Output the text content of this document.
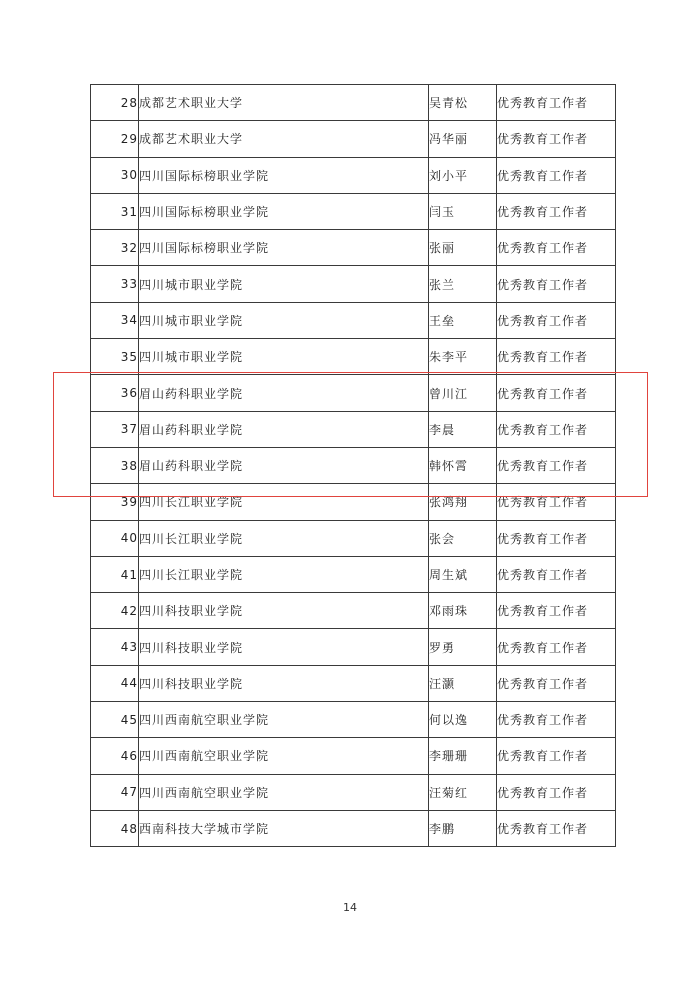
28	成都艺术职业大学	吴青松	优秀教育工作者
29	成都艺术职业大学	冯华丽	优秀教育工作者
30	四川国际标榜职业学院	刘小平	优秀教育工作者
31	四川国际标榜职业学院	闫玉	优秀教育工作者
32	四川国际标榜职业学院	张丽	优秀教育工作者
33	四川城市职业学院	张兰	优秀教育工作者
34	四川城市职业学院	王垒	优秀教育工作者
35	四川城市职业学院	朱李平	优秀教育工作者
36	眉山药科职业学院	曾川江	优秀教育工作者
37	眉山药科职业学院	李晨	优秀教育工作者
38	眉山药科职业学院	韩怀霄	优秀教育工作者
39	四川长江职业学院	张鸿翔	优秀教育工作者
40	四川长江职业学院	张会	优秀教育工作者
41	四川长江职业学院	周生斌	优秀教育工作者
42	四川科技职业学院	邓雨珠	优秀教育工作者
43	四川科技职业学院	罗勇	优秀教育工作者
44	四川科技职业学院	汪灏	优秀教育工作者
45	四川西南航空职业学院	何以逸	优秀教育工作者
46	四川西南航空职业学院	李珊珊	优秀教育工作者
47	四川西南航空职业学院	汪菊红	优秀教育工作者
48	西南科技大学城市学院	李鹏	优秀教育工作者
14
